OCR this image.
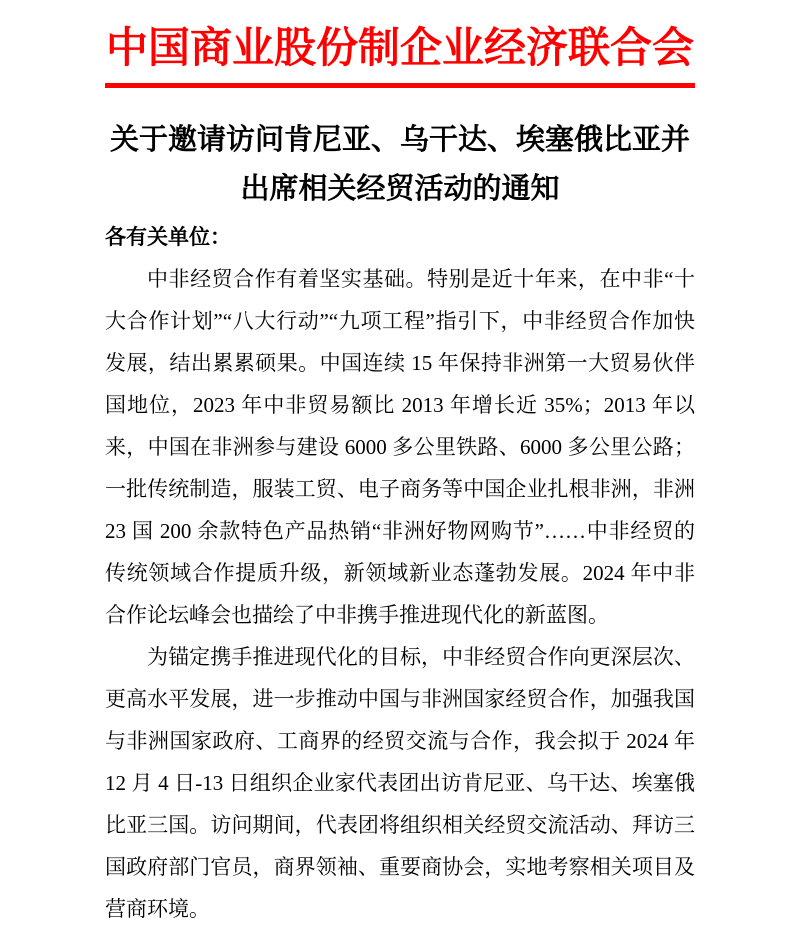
中国商业股份制企业经济联合会
关于邀请访问肯尼亚、乌干达、埃塞俄比亚并
出席相关经贸活动的通知

各有关单位：

中非经贸合作有着坚实基础。特别是近十年来，在中非“十大合作计划”“八大行动”“九项工程”指引下，中非经贸合作加快发展，结出累累硕果。中国连续 15 年保持非洲第一大贸易伙伴国地位，2023 年中非贸易额比 2013 年增长近 35%；2013 年以来，中国在非洲参与建设 6000 多公里铁路、6000 多公里公路；一批传统制造，服装工贸、电子商务等中国企业扎根非洲，非洲 23 国 200 余款特色产品热销“非洲好物网购节”……中非经贸的传统领域合作提质升级，新领域新业态蓬勃发展。2024 年中非合作论坛峰会也描绘了中非携手推进现代化的新蓝图。

为锚定携手推进现代化的目标，中非经贸合作向更深层次、更高水平发展，进一步推动中国与非洲国家经贸合作，加强我国与非洲国家政府、工商界的经贸交流与合作，我会拟于 2024 年 12 月 4 日-13 日组织企业家代表团出访肯尼亚、乌干达、埃塞俄比亚三国。访问期间，代表团将组织相关经贸交流活动、拜访三国政府部门官员，商界领袖、重要商协会，实地考察相关项目及营商环境。
